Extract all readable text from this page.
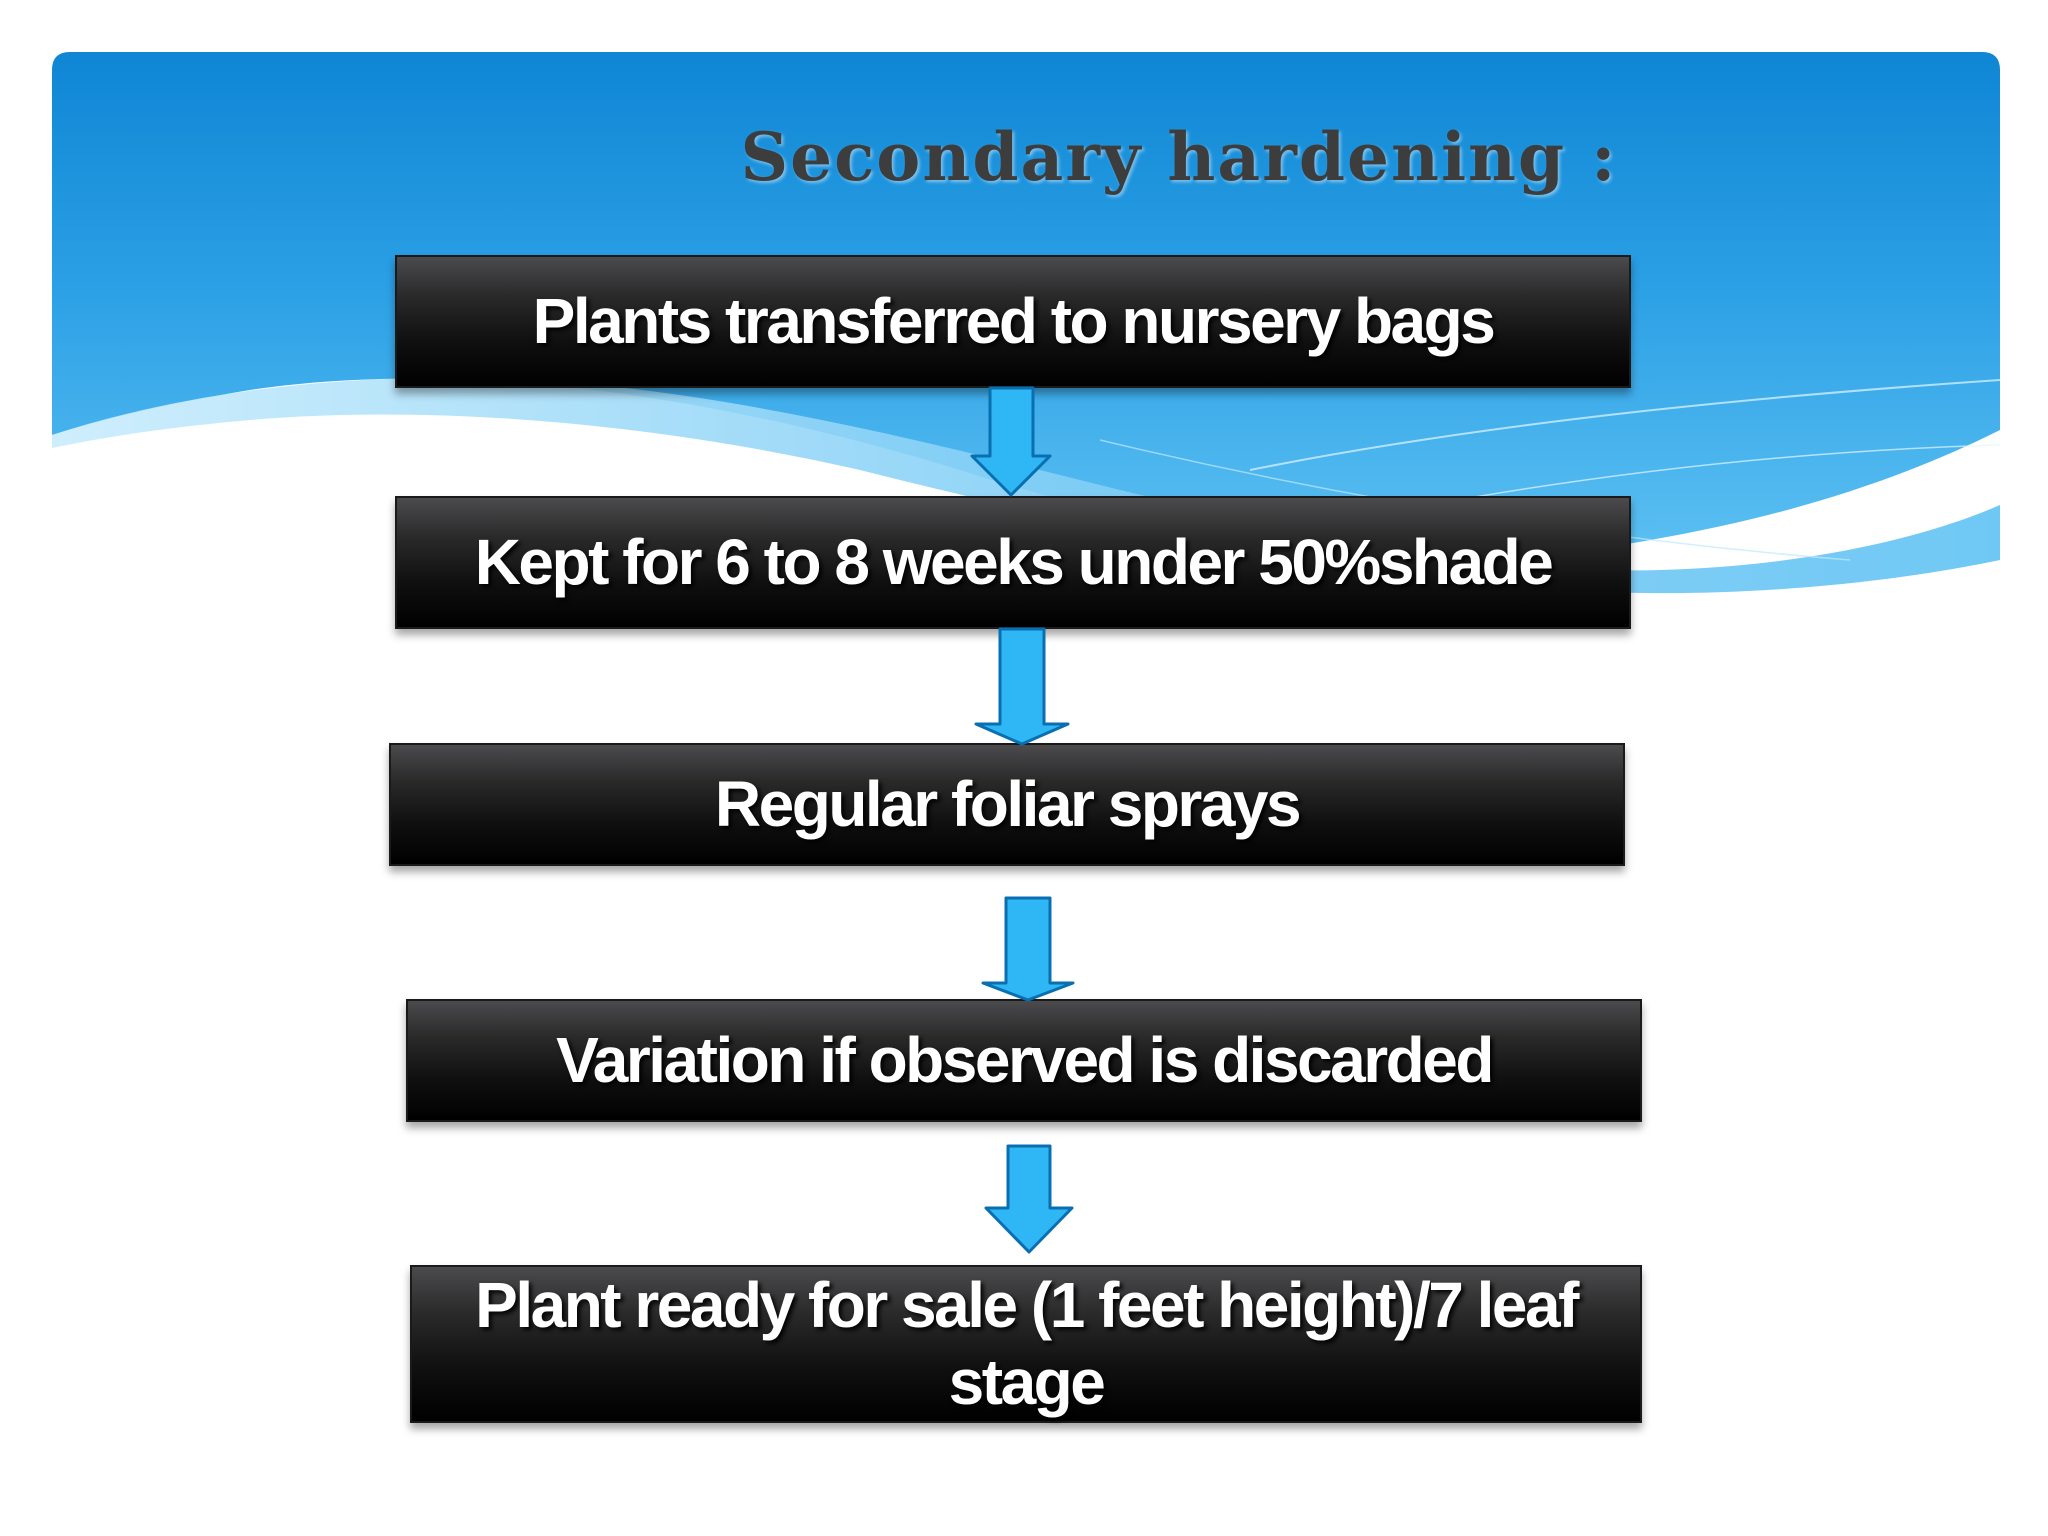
Secondary hardening :
Plants transferred to nursery bags
Kept for 6 to 8 weeks under 50%shade
Regular foliar sprays
Variation if observed is discarded
Plant ready for sale (1 feet height)/7 leaf stage
